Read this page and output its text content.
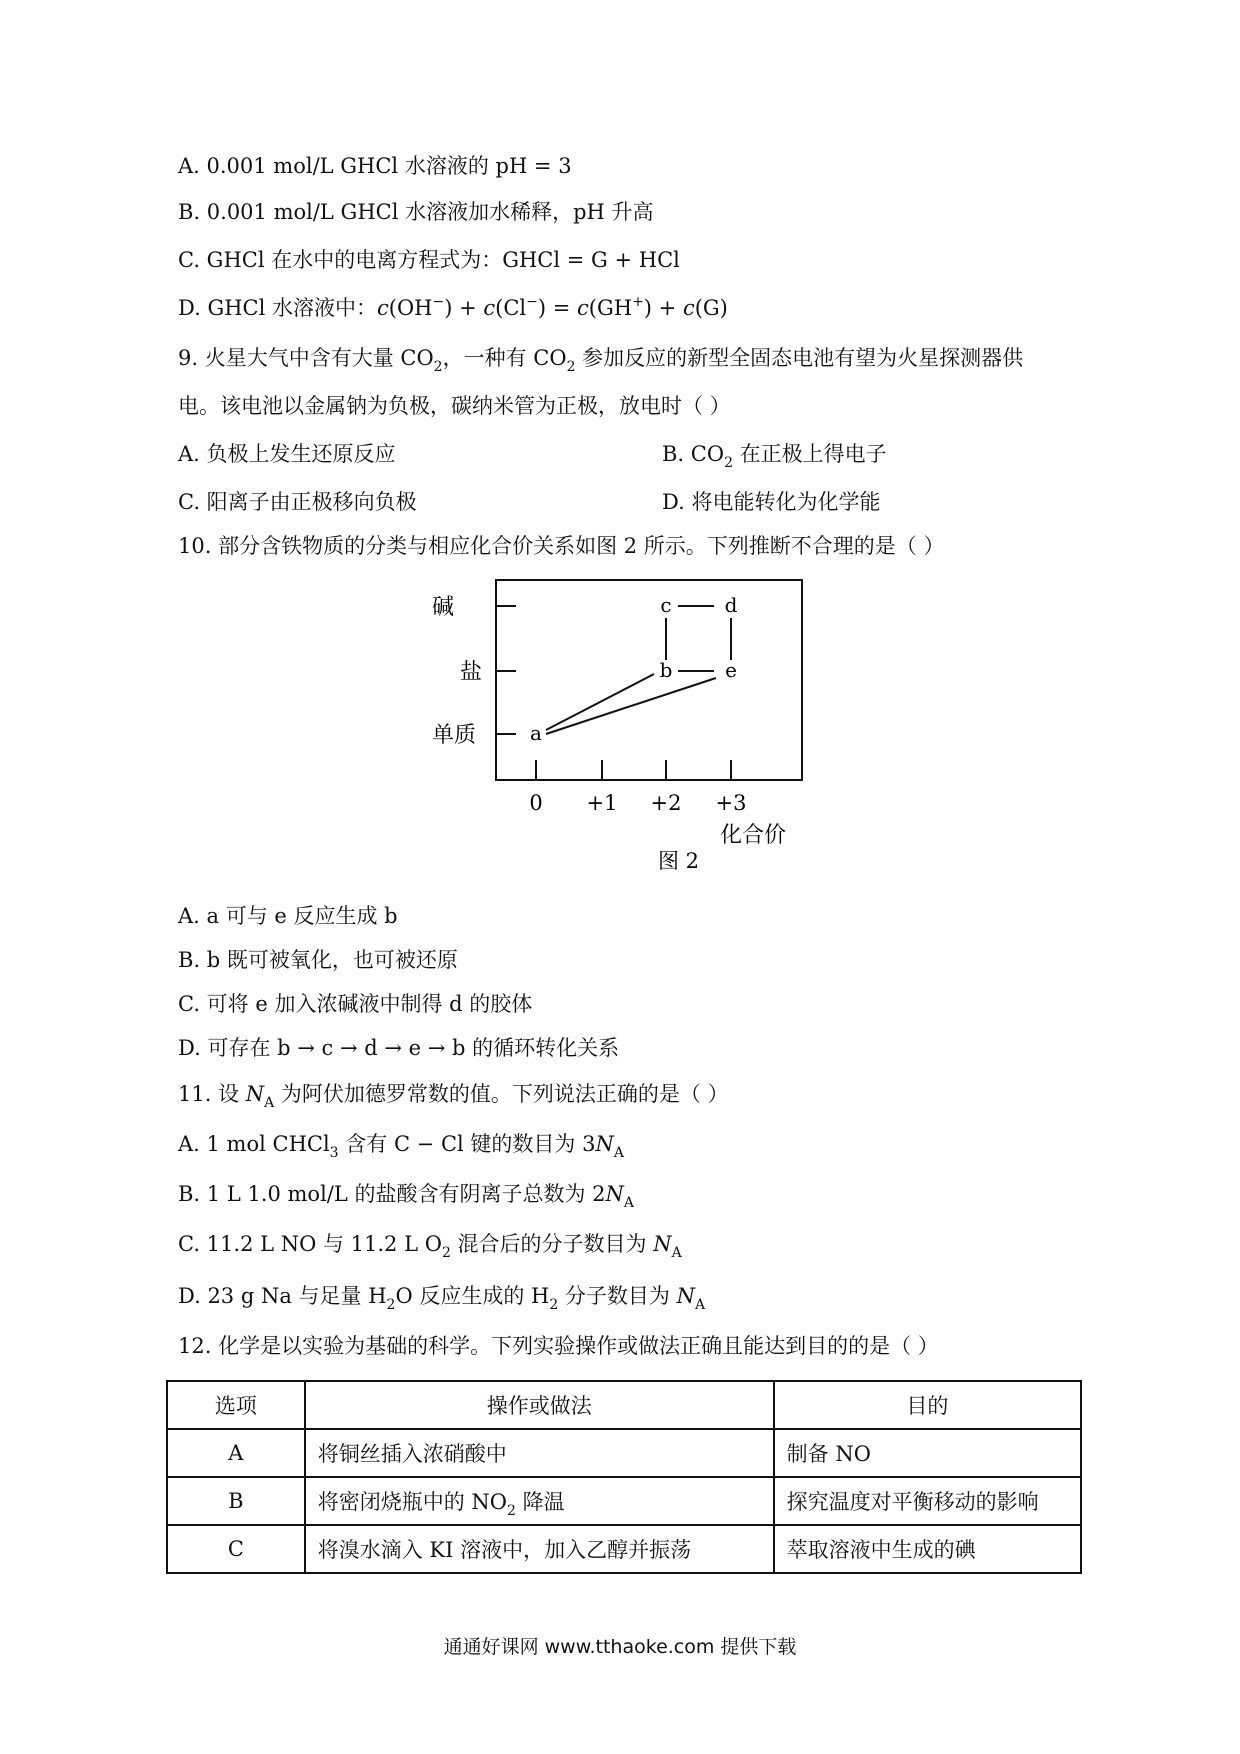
A. 0.001 mol/L GHCl 水溶液的 pH = 3
B. 0.001 mol/L GHCl 水溶液加水稀释，pH 升高
C. GHCl 在水中的电离方程式为：GHCl = G + HCl
D. GHCl 水溶液中：c(OH−) + c(Cl−) = c(GH+) + c(G)
9. 火星大气中含有大量 $CO_2$，一种有 $CO_2$ 参加反应的新型全固态电池有望为火星探测器供
电。该电池以金属钠为负极，碳纳米管为正极，放电时（ ）
A. 负极上发生还原反应	B. $CO_2$ 在正极上得电子
C. 阳离子由正极移向负极	D. 将电能转化为化学能
10. 部分含铁物质的分类与相应化合价关系如图 2 所示。下列推断不合理的是（ ）
碱
盐
单质
0 +1 +2 +3
化合价
a
b
c	d
e
图 2
A. a 可与 e 反应生成 b
B. b 既可被氧化，也可被还原
C. 可将 e 加入浓碱液中制得 d 的胶体
D. 可存在 b → c → d → e → b 的循环转化关系
11. 设 $N_A$ 为阿伏加德罗常数的值。下列说法正确的是（ ）
A. 1 mol CHCl$_3$ 含有 C − Cl 键的数目为 $3N_A$
B. 1 L 1.0 mol/L 的盐酸含有阴离子总数为 $2N_A$
C. 11.2 L NO 与 11.2 L $O_2$ 混合后的分子数目为 $N_A$
D. 23 g Na 与足量 $H_2O$ 反应生成的 $H_2$ 分子数目为 $N_A$
12. 化学是以实验为基础的科学。下列实验操作或做法正确且能达到目的的是（ ）
选项	操作或做法	目的
A	将铜丝插入浓硝酸中	制备 NO
B	将密闭烧瓶中的 $NO_2$ 降温	探究温度对平衡移动的影响
C	将溴水滴入 KI 溶液中，加入乙醇并振荡	萃取溶液中生成的碘
通通好课网 www.tthaoke.com 提供下载
